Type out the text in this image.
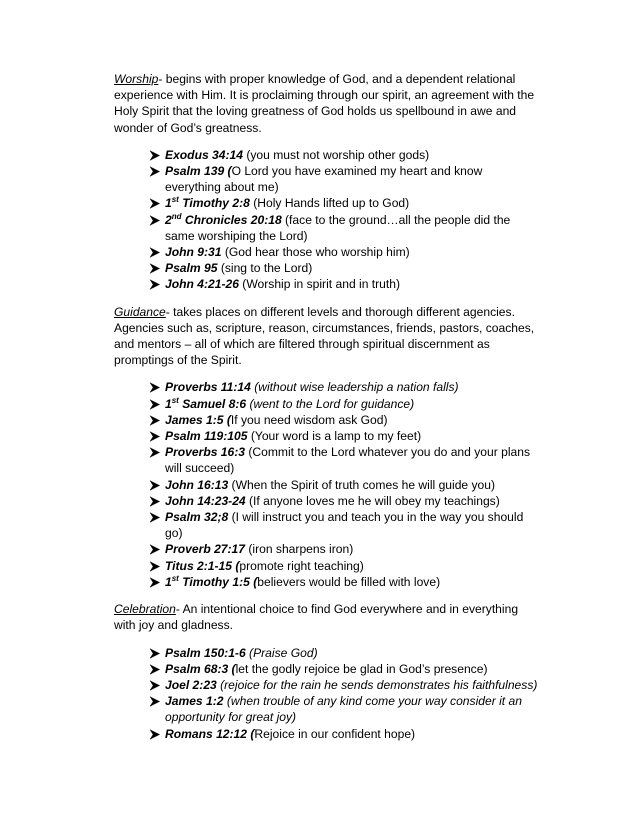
Worship- begins with proper knowledge of God, and a dependent relational experience with Him. It is proclaiming through our spirit, an agreement with the Holy Spirit that the loving greatness of God holds us spellbound in awe and wonder of God’s greatness.

Exodus 34:14 (you must not worship other gods)
Psalm 139 (O Lord you have examined my heart and know everything about me)
1st Timothy 2:8 (Holy Hands lifted up to God)
2nd Chronicles 20:18 (face to the ground…all the people did the same worshiping the Lord)
John 9:31 (God hear those who worship him)
Psalm 95 (sing to the Lord)
John 4:21-26 (Worship in spirit and in truth)

Guidance- takes places on different levels and thorough different agencies. Agencies such as, scripture, reason, circumstances, friends, pastors, coaches, and mentors – all of which are filtered through spiritual discernment as promptings of the Spirit.

Proverbs 11:14 (without wise leadership a nation falls)
1st Samuel 8:6 (went to the Lord for guidance)
James 1:5 (If you need wisdom ask God)
Psalm 119:105 (Your word is a lamp to my feet)
Proverbs 16:3 (Commit to the Lord whatever you do and your plans will succeed)
John 16:13 (When the Spirit of truth comes he will guide you)
John 14:23-24 (If anyone loves me he will obey my teachings)
Psalm 32;8 (I will instruct you and teach you in the way you should go)
Proverb 27:17 (iron sharpens iron)
Titus 2:1-15 (promote right teaching)
1st Timothy 1:5 (believers would be filled with love)

Celebration- An intentional choice to find God everywhere and in everything with joy and gladness.

Psalm 150:1-6 (Praise God)
Psalm 68:3 (let the godly rejoice be glad in God’s presence)
Joel 2:23 (rejoice for the rain he sends demonstrates his faithfulness)
James 1:2 (when trouble of any kind come your way consider it an opportunity for great joy)
Romans 12:12 (Rejoice in our confident hope)
